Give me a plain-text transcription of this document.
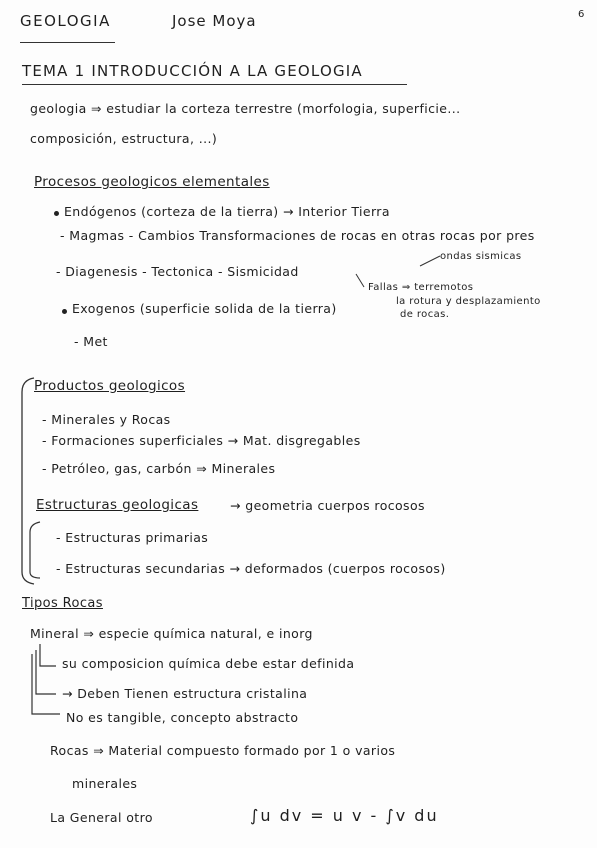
GEOLOGIA	Jose Moya	6
TEMA 1 INTRODUCCIÓN A LA GEOLOGIA
geologia ⇒ estudiar la corteza terrestre (morfologia, superficie...
composición, estructura, ...)
Procesos geologicos elementales
Endógenos (corteza de la tierra) → Interior Tierra
- Magmas - Cambios Transformaciones de rocas en otras rocas por pres
- Diagenesis - Tectonica - Sismicidad
ondas sismicas
Fallas ⇒ terremotos
la rotura y desplazamiento
de rocas.
Exogenos (superficie solida de la tierra)
- Met
Productos geologicos
- Minerales y Rocas
- Formaciones superficiales → Mat. disgregables
- Petróleo, gas, carbón ⇒ Minerales
Estructuras geologicas	→ geometria cuerpos rocosos
- Estructuras primarias
- Estructuras secundarias → deformados (cuerpos rocosos)
Tipos Rocas
Mineral ⇒ especie química natural, e inorg
su composicion química debe estar definida
→ Deben Tienen estructura cristalina
No es tangible, concepto abstracto
Rocas ⇒ Material compuesto formado por 1 o varios
minerales
La General otro	∫u dv = u v - ∫v du
